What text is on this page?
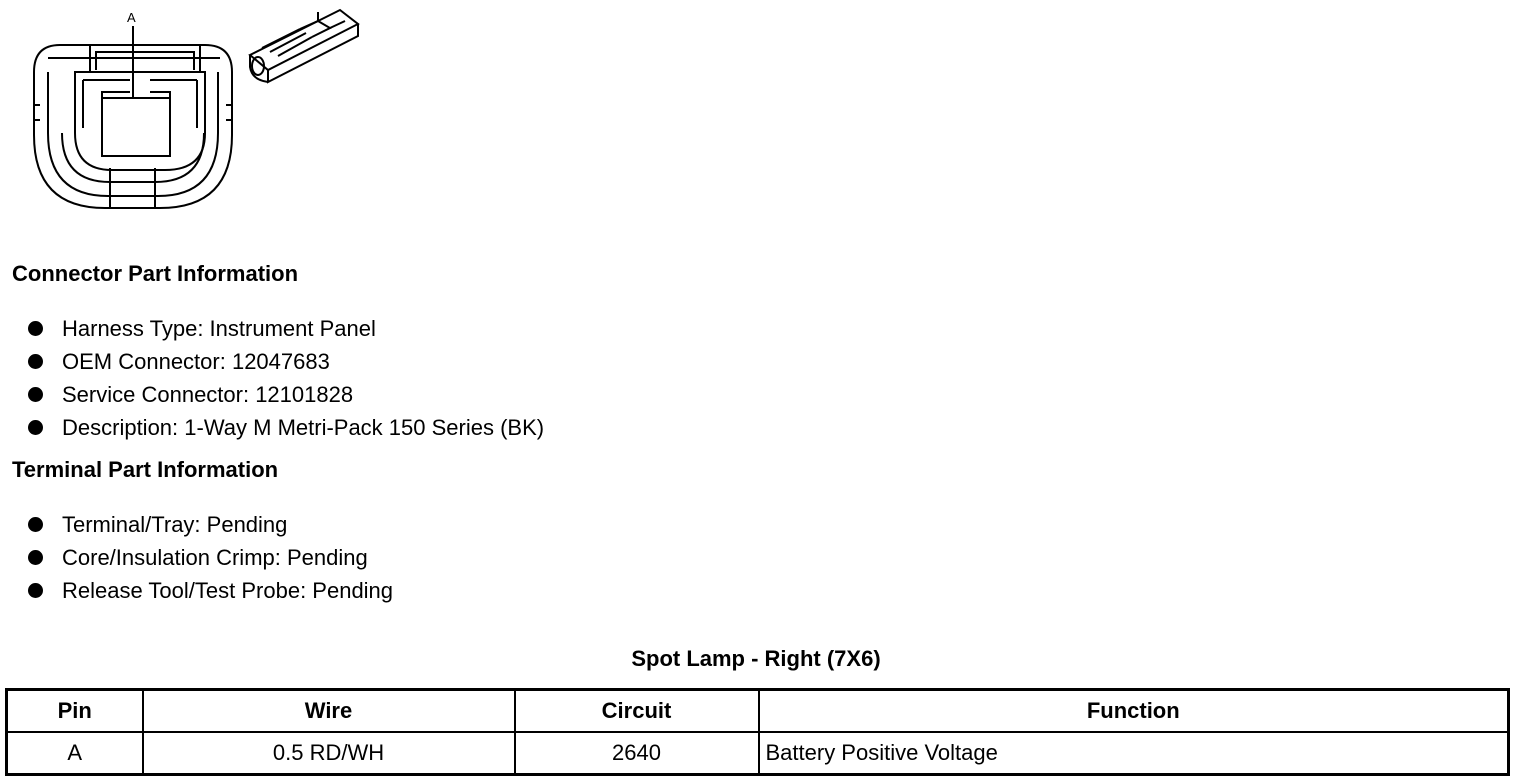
A
Connector Part Information
Harness Type: Instrument Panel
OEM Connector: 12047683
Service Connector: 12101828
Description: 1-Way M Metri-Pack 150 Series (BK)
Terminal Part Information
Terminal/Tray: Pending
Core/Insulation Crimp: Pending
Release Tool/Test Probe: Pending
Spot Lamp - Right (7X6)
Pin	Wire	Circuit	Function
A	0.5 RD/WH	2640	Battery Positive Voltage
